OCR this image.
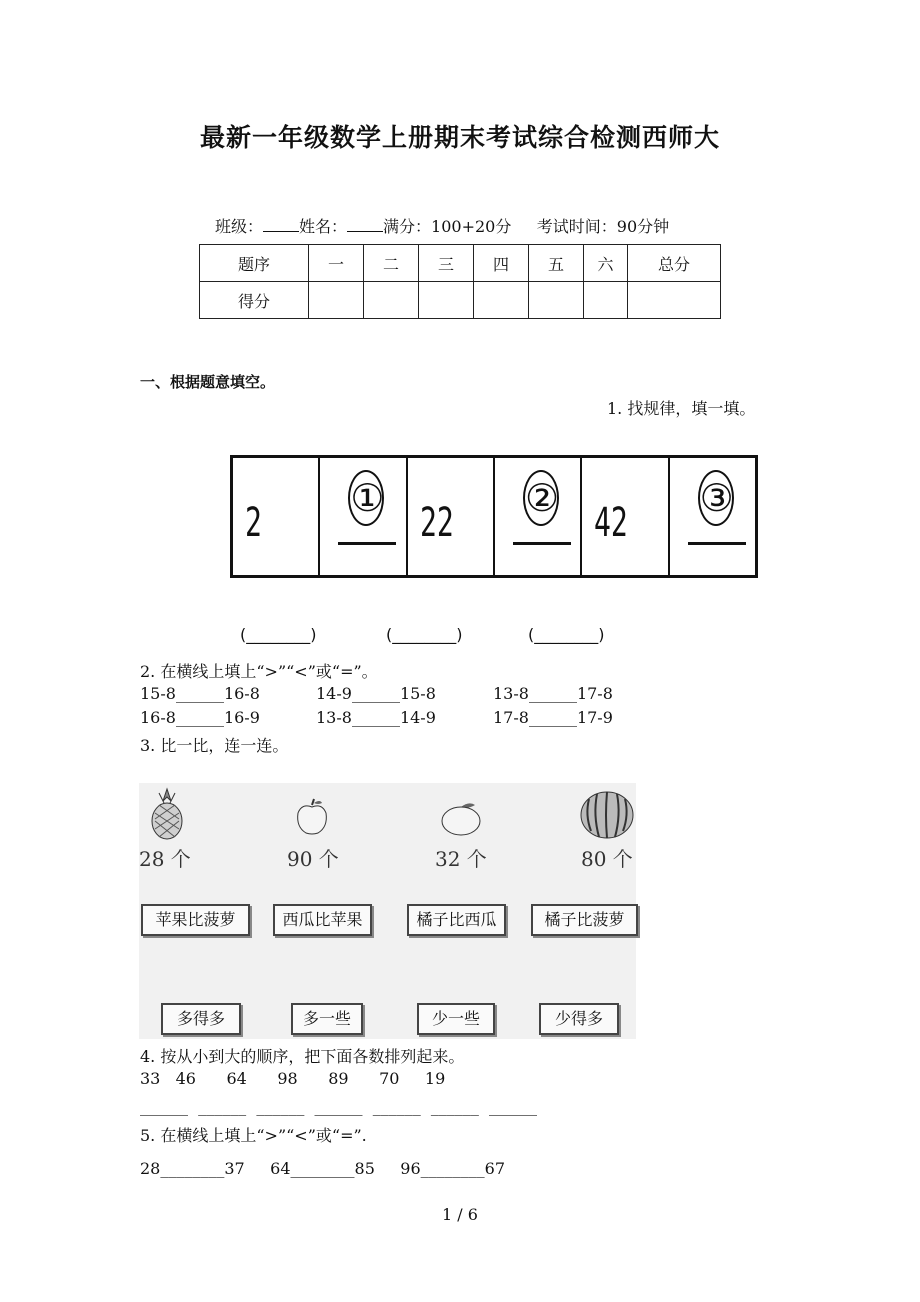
最新一年级数学上册期末考试综合检测西师大
班级： 姓名： 满分：100+20分 考试时间：90分钟
题序	一	二	三	四	五	六	总分
得分							
一、根据题意填空。
1. 找规律，填一填。
2
①
22
②
42
③
(________)	(________)	(________)
2. 在横线上填上“>”“<”或“=”。
15-8______16-8	14-9______15-8	13-8______17-8
16-8______16-9	13-8______14-9	17-8______17-9
3. 比一比，连一连。
28 个	90 个	32 个	80 个
苹果比菠萝	西瓜比苹果	橘子比西瓜	橘子比菠萝
多得多	多一些	少一些	少得多
4. 按从小到大的顺序，把下面各数排列起来。
33   46      64      98      89      70     19
______  ______  ______  ______  ______  ______  ______
5. 在横线上填上“>”“<”或“=”.
28________37     64________85     96________67
1 / 6
